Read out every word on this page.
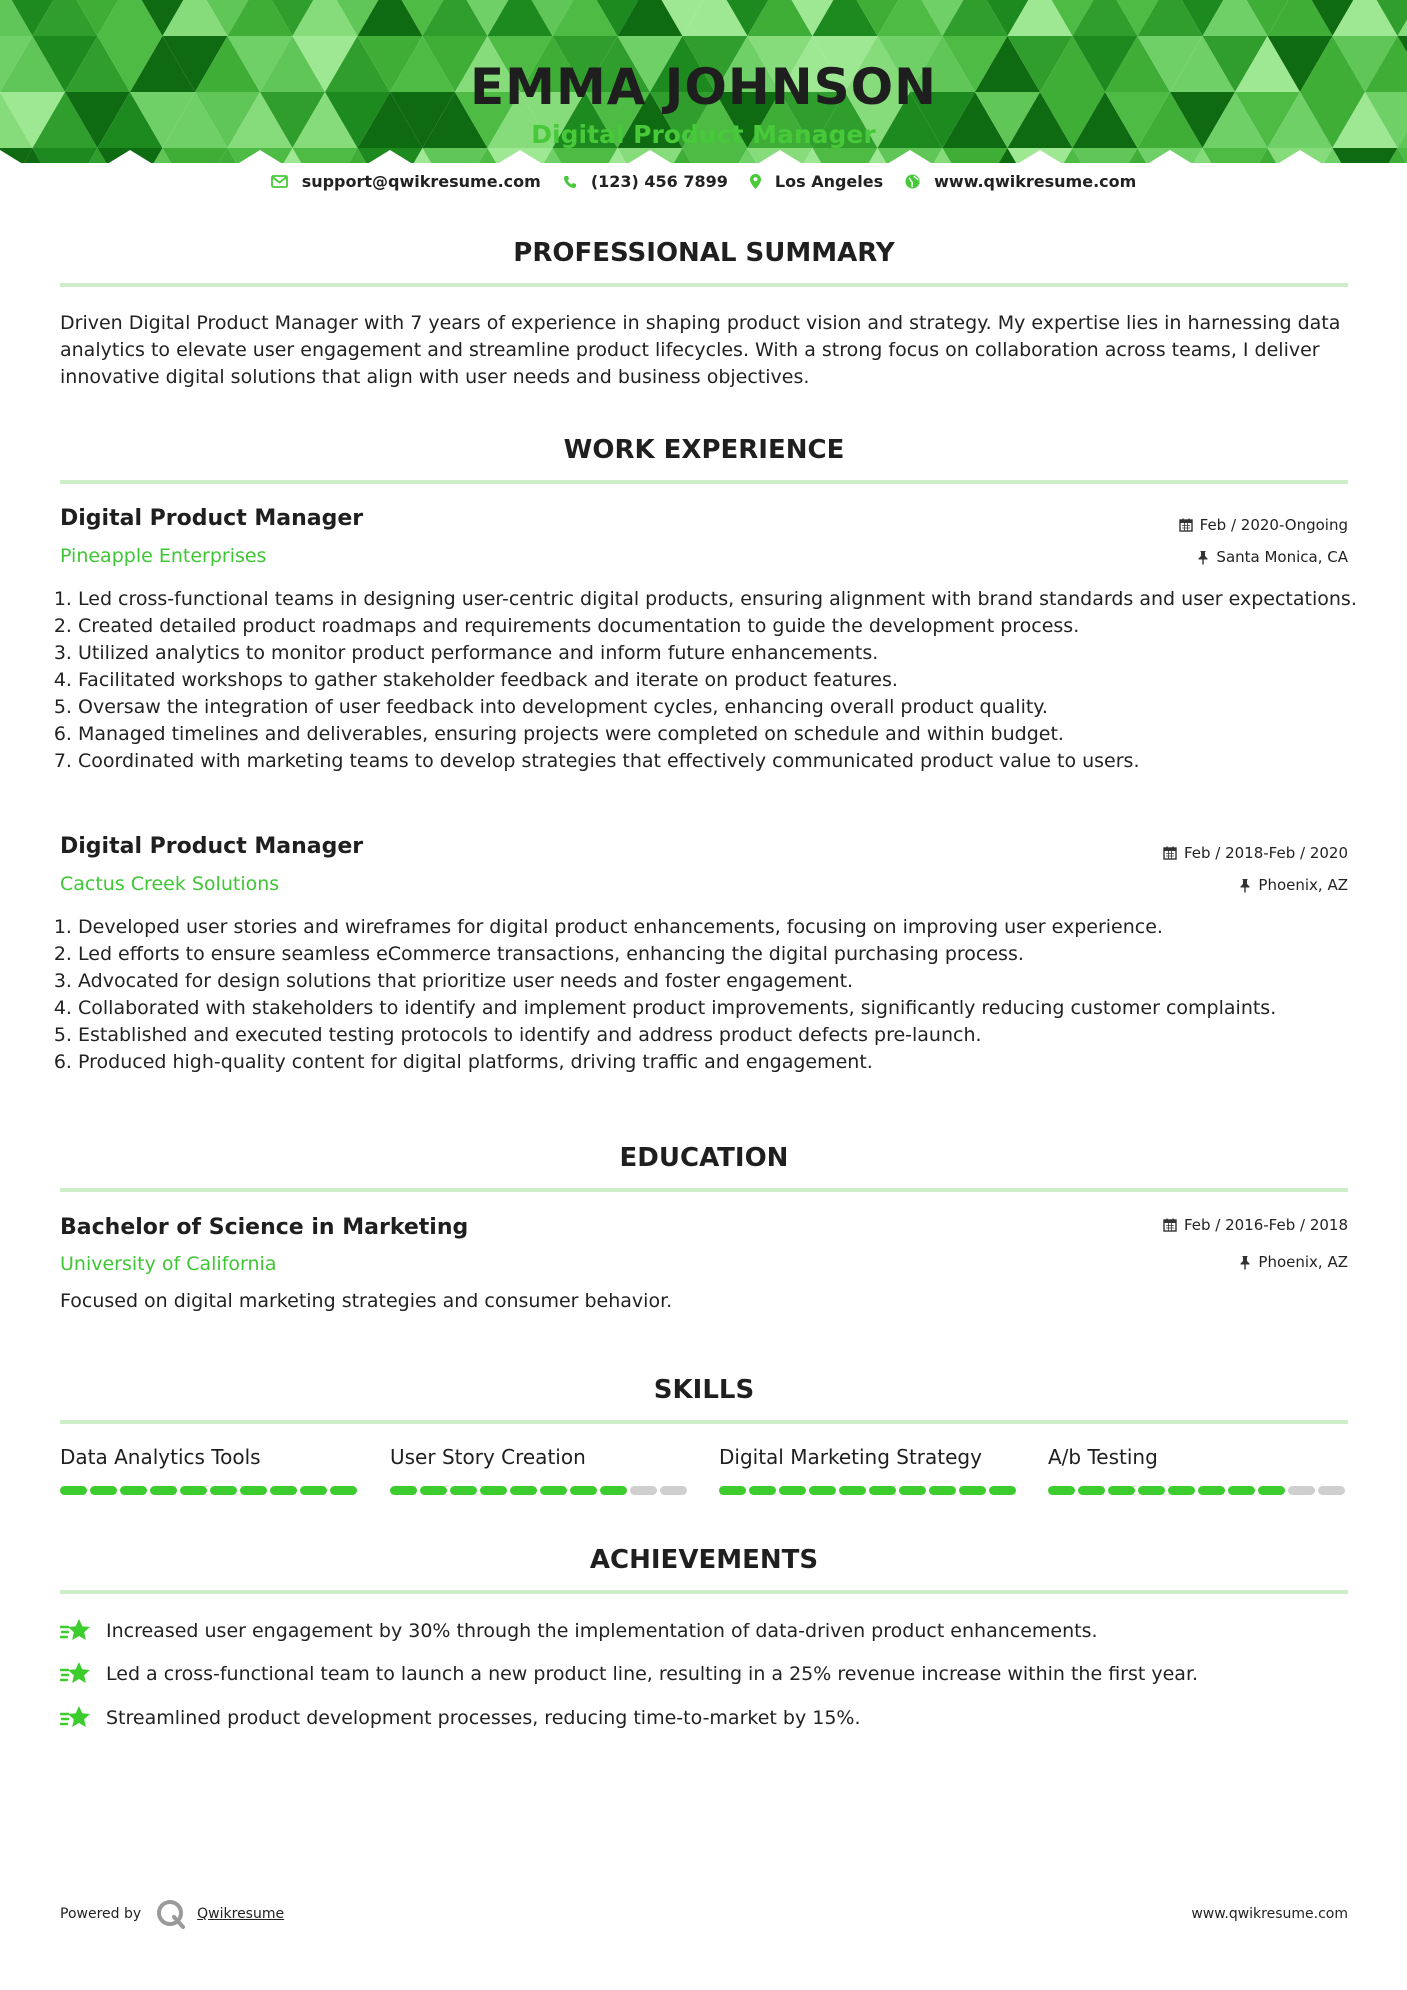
EMMA JOHNSON
Digital Product Manager
support@qwikresume.com	(123) 456 7899	Los Angeles	www.qwikresume.com
PROFESSIONAL SUMMARY
Driven Digital Product Manager with 7 years of experience in shaping product vision and strategy. My expertise lies in harnessing data analytics to elevate user engagement and streamline product lifecycles. With a strong focus on collaboration across teams, I deliver innovative digital solutions that align with user needs and business objectives.
WORK EXPERIENCE
Digital Product Manager	Feb / 2020-Ongoing
Pineapple Enterprises	Santa Monica, CA
1. Led cross-functional teams in designing user-centric digital products, ensuring alignment with brand standards and user expectations.
2. Created detailed product roadmaps and requirements documentation to guide the development process.
3. Utilized analytics to monitor product performance and inform future enhancements.
4. Facilitated workshops to gather stakeholder feedback and iterate on product features.
5. Oversaw the integration of user feedback into development cycles, enhancing overall product quality.
6. Managed timelines and deliverables, ensuring projects were completed on schedule and within budget.
7. Coordinated with marketing teams to develop strategies that effectively communicated product value to users.
Digital Product Manager	Feb / 2018-Feb / 2020
Cactus Creek Solutions	Phoenix, AZ
1. Developed user stories and wireframes for digital product enhancements, focusing on improving user experience.
2. Led efforts to ensure seamless eCommerce transactions, enhancing the digital purchasing process.
3. Advocated for design solutions that prioritize user needs and foster engagement.
4. Collaborated with stakeholders to identify and implement product improvements, significantly reducing customer complaints.
5. Established and executed testing protocols to identify and address product defects pre-launch.
6. Produced high-quality content for digital platforms, driving traffic and engagement.
EDUCATION
Bachelor of Science in Marketing	Feb / 2016-Feb / 2018
University of California	Phoenix, AZ
Focused on digital marketing strategies and consumer behavior.
SKILLS
Data Analytics Tools	User Story Creation	Digital Marketing Strategy	A/b Testing
ACHIEVEMENTS
Increased user engagement by 30% through the implementation of data-driven product enhancements.
Led a cross-functional team to launch a new product line, resulting in a 25% revenue increase within the first year.
Streamlined product development processes, reducing time-to-market by 15%.
Powered by	Qwikresume	www.qwikresume.com
